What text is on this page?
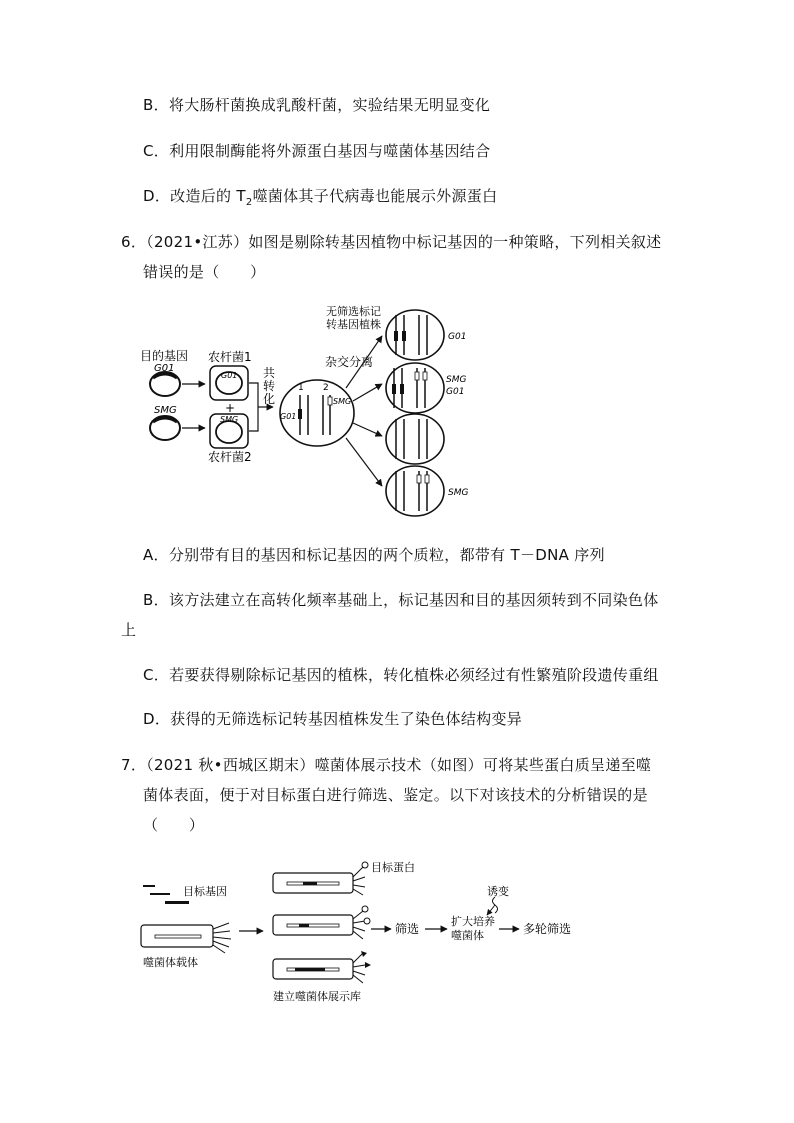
B．将大肠杆菌换成乳酸杆菌，实验结果无明显变化
C．利用限制酶能将外源蛋白基因与噬菌体基因结合
D．改造后的 $T_2$噬菌体其子代病毒也能展示外源蛋白
6．（2021•江苏）如图是剔除转基因植物中标记基因的一种策略，下列相关叙述
错误的是（　　）
目的基因
G01
SMG
农杆菌1
G01
+
SMG
农杆菌2
共
转
化
1 2
G01
SMG
杂交分离
无筛选标记
转基因植株
G01
SMG
G01
SMG
A．分别带有目的基因和标记基因的两个质粒，都带有 T－DNA 序列
B．该方法建立在高转化频率基础上，标记基因和目的基因须转到不同染色体
上
C．若要获得剔除标记基因的植株，转化植株必须经过有性繁殖阶段遗传重组
D．获得的无筛选标记转基因植株发生了染色体结构变异
7．（2021 秋•西城区期末）噬菌体展示技术（如图）可将某些蛋白质呈递至噬
菌体表面，便于对目标蛋白进行筛选、鉴定。以下对该技术的分析错误的是
（　　）
目标基因
噬菌体载体
建立噬菌体展示库
目标蛋白
筛选
扩大培养
噬菌体
诱变
多轮筛选
